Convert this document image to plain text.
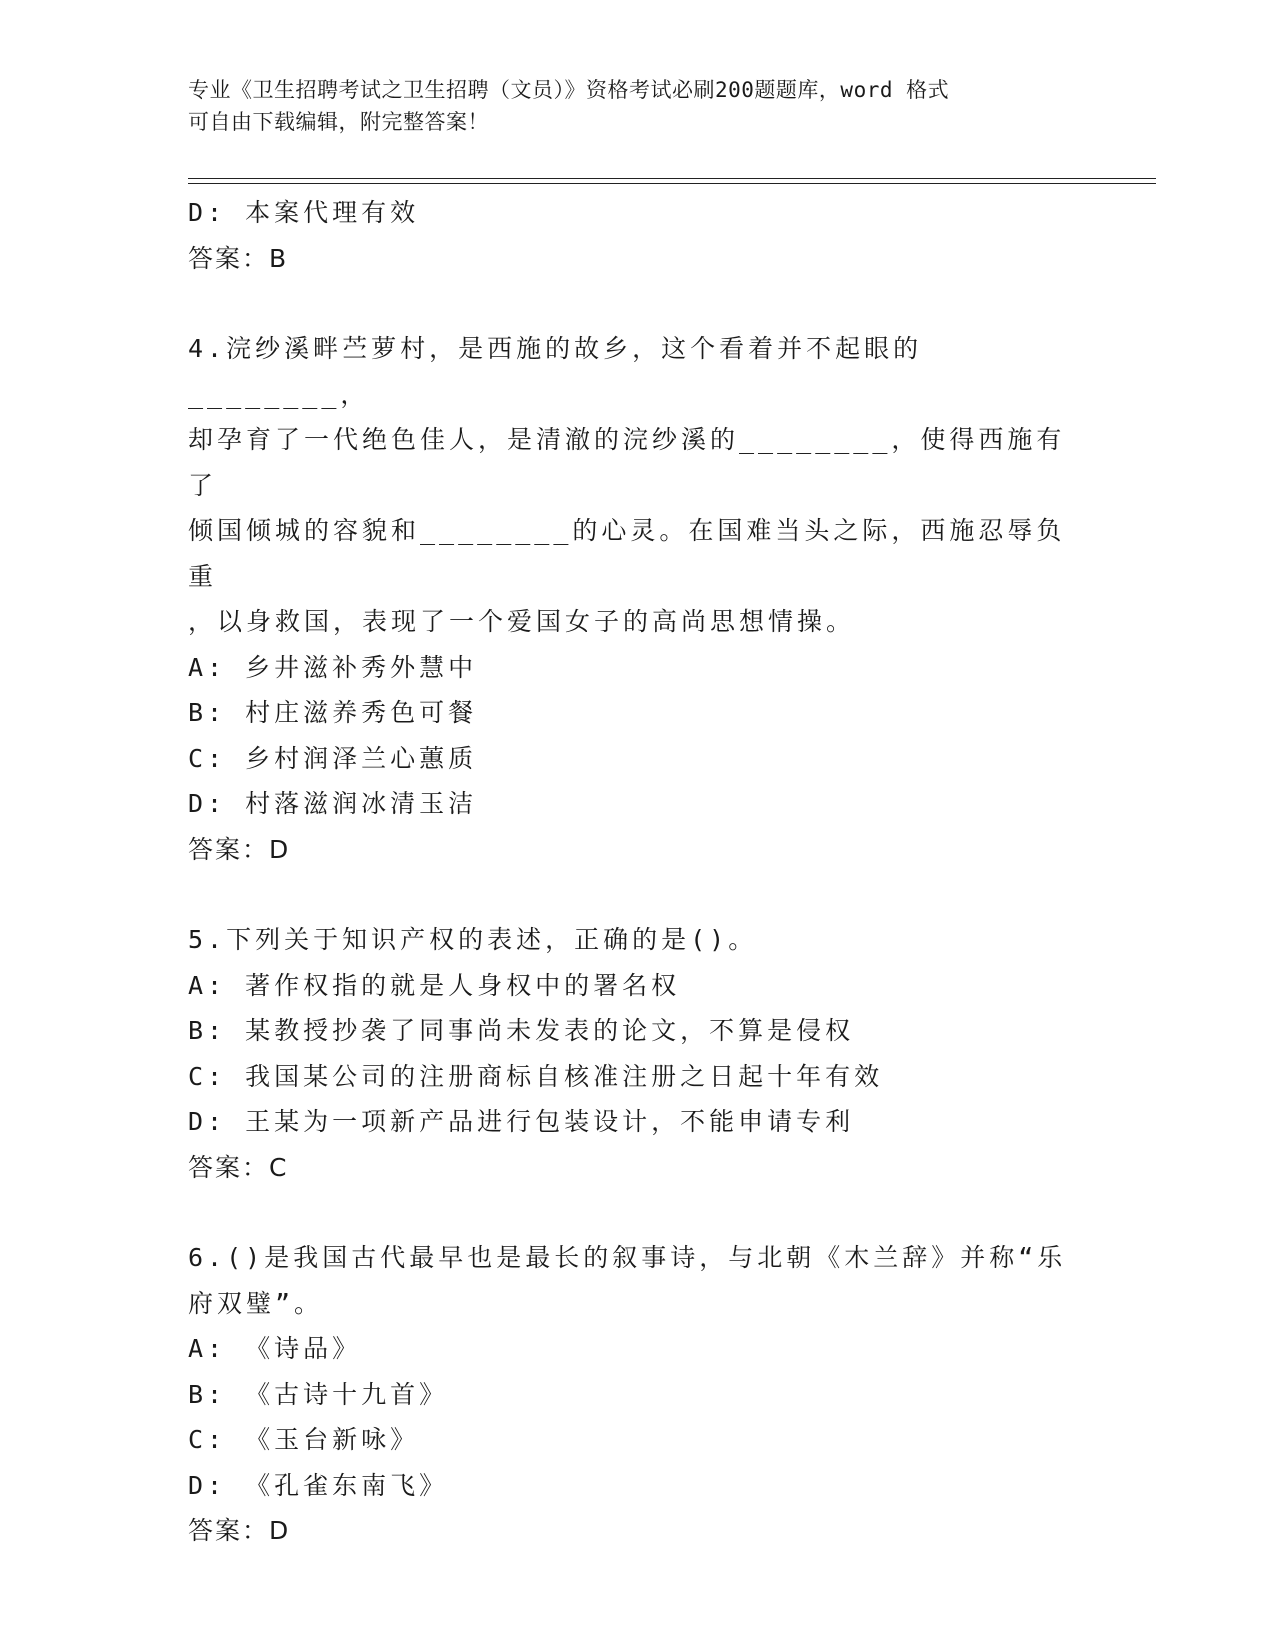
专业《卫生招聘考试之卫生招聘（文员）》资格考试必刷200题题库，word 格式
可自由下载编辑，附完整答案！
D: 本案代理有效
答案：B
4.浣纱溪畔苎萝村，是西施的故乡，这个看着并不起眼的________，
却孕育了一代绝色佳人，是清澈的浣纱溪的________，使得西施有了
倾国倾城的容貌和________的心灵。在国难当头之际，西施忍辱负重
，以身救国，表现了一个爱国女子的高尚思想情操。
A: 乡井滋补秀外慧中
B: 村庄滋养秀色可餐
C: 乡村润泽兰心蕙质
D: 村落滋润冰清玉洁
答案：D
5.下列关于知识产权的表述，正确的是()。
A: 著作权指的就是人身权中的署名权
B: 某教授抄袭了同事尚未发表的论文，不算是侵权
C: 我国某公司的注册商标自核准注册之日起十年有效
D: 王某为一项新产品进行包装设计，不能申请专利
答案：C
6.()是我国古代最早也是最长的叙事诗，与北朝《木兰辞》并称“乐
府双璧”。
A: 《诗品》
B: 《古诗十九首》
C: 《玉台新咏》
D: 《孔雀东南飞》
答案：D
